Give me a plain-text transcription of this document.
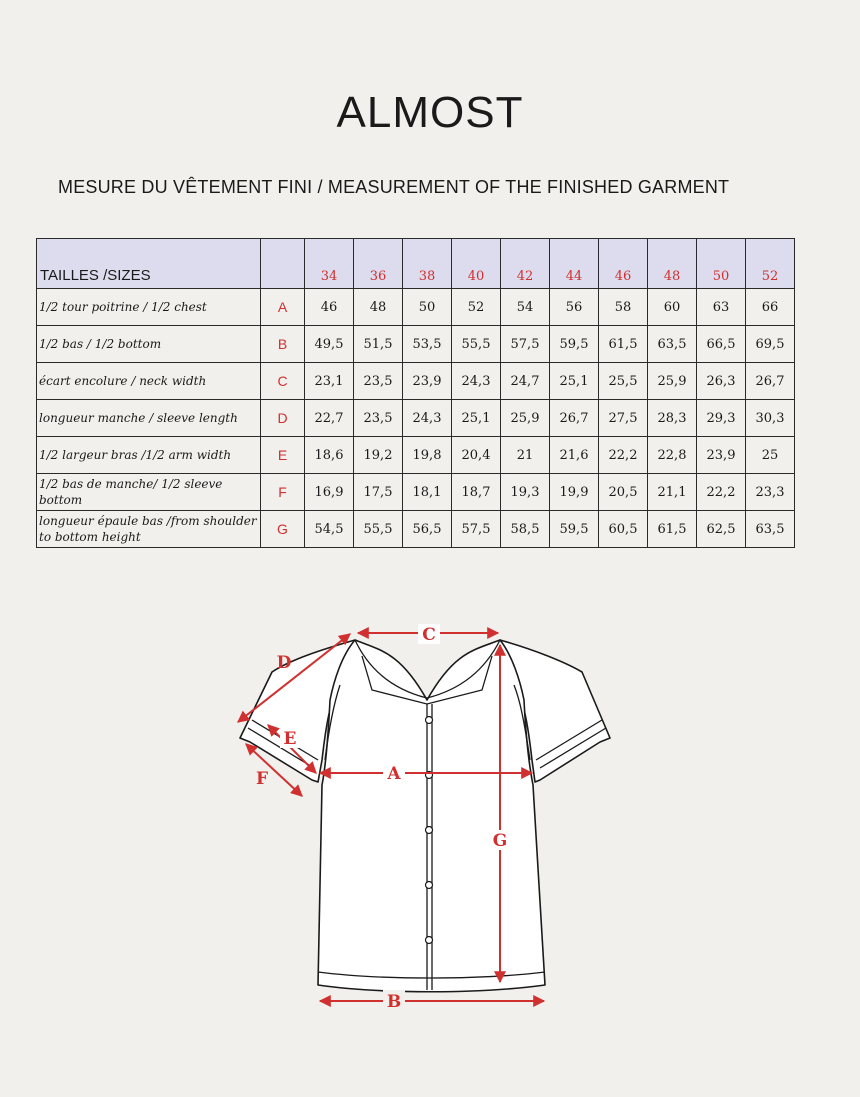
ALMOST
MESURE DU VÊTEMENT FINI / MEASUREMENT OF THE FINISHED GARMENT
TAILLES /SIZES		34	36	38	40	42	44	46	48	50	52
1/2 tour poitrine / 1/2 chest	A	46	48	50	52	54	56	58	60	63	66
1/2 bas / 1/2 bottom	B	49,5	51,5	53,5	55,5	57,5	59,5	61,5	63,5	66,5	69,5
écart encolure / neck width	C	23,1	23,5	23,9	24,3	24,7	25,1	25,5	25,9	26,3	26,7
longueur manche / sleeve length	D	22,7	23,5	24,3	25,1	25,9	26,7	27,5	28,3	29,3	30,3
1/2 largeur bras /1/2 arm width	E	18,6	19,2	19,8	20,4	21	21,6	22,2	22,8	23,9	25
1/2 bas de manche/ 1/2 sleeve bottom	F	16,9	17,5	18,1	18,7	19,3	19,9	20,5	21,1	22,2	23,3
longueur épaule bas /from shoulder to bottom height	G	54,5	55,5	56,5	57,5	58,5	59,5	60,5	61,5	62,5	63,5
C
A
B
G
D
E
F
